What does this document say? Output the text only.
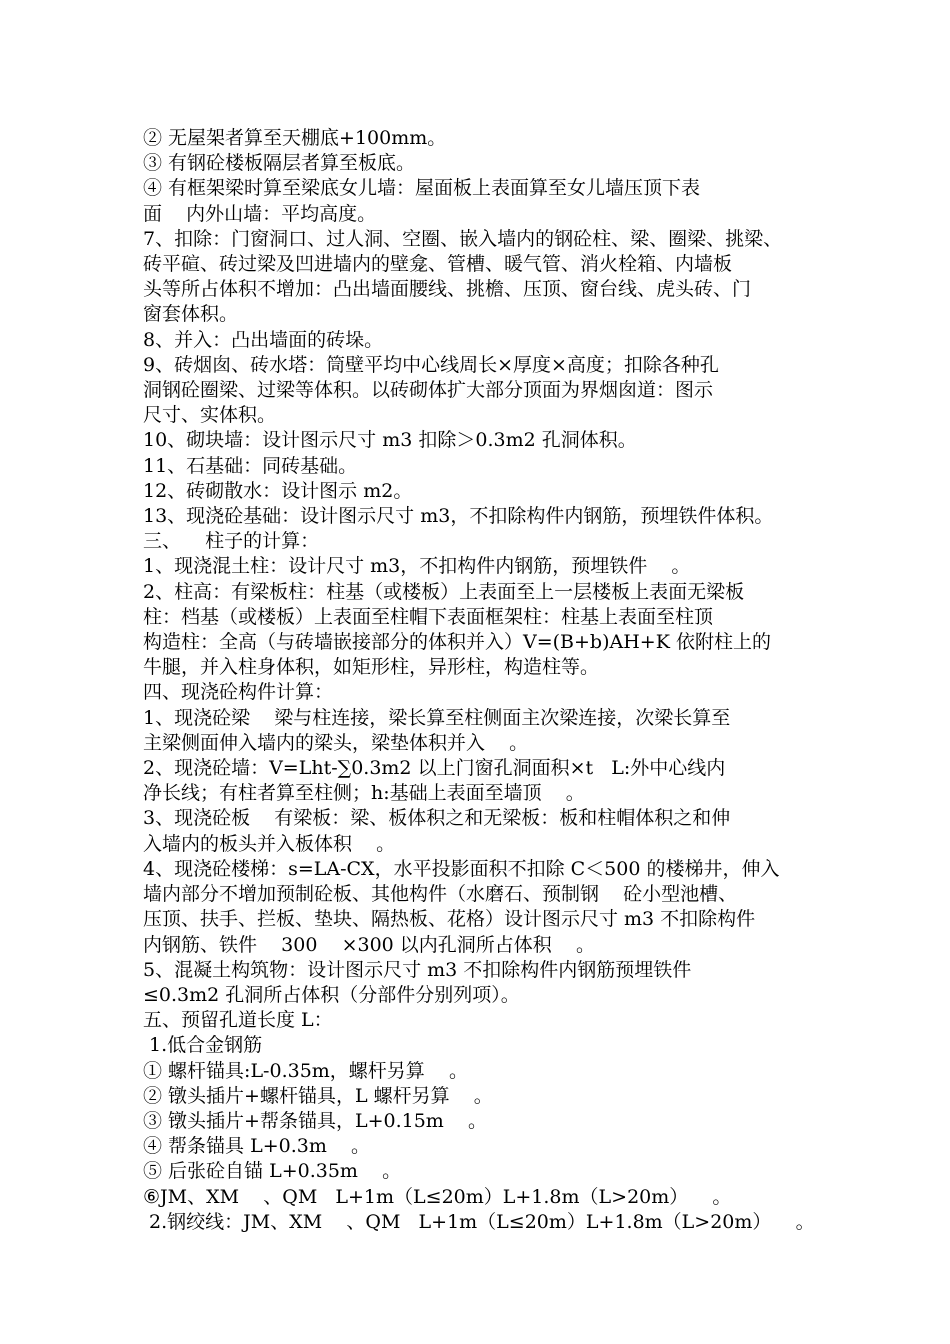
② 无屋架者算至天棚底+100mm。

③ 有钢砼楼板隔层者算至板底。

④ 有框架梁时算至梁底女儿墙：屋面板上表面算至女儿墙压顶下表

面    内外山墙：平均高度。

7、扣除：门窗洞口、过人洞、空圈、嵌入墙内的钢砼柱、梁、圈梁、挑梁、

砖平碹、砖过梁及凹进墙内的壁龛、管槽、暖气管、消火栓箱、内墙板

头等所占体积不增加：凸出墙面腰线、挑檐、压顶、窗台线、虎头砖、门

窗套体积。

8、并入：凸出墙面的砖垛。

9、砖烟囱、砖水塔：筒壁平均中心线周长×厚度×高度；扣除各种孔

洞钢砼圈梁、过梁等体积。以砖砌体扩大部分顶面为界烟囱道：图示

尺寸、实体积。

10、砌块墙：设计图示尺寸 m3 扣除＞0.3m2 孔洞体积。

11、石基础：同砖基础。

12、砖砌散水：设计图示 m2。

13、现浇砼基础：设计图示尺寸 m3，不扣除构件内钢筋，预埋铁件体积。

三、    柱子的计算：

1、现浇混土柱：设计尺寸 m3，不扣构件内钢筋，预埋铁件    。

2、柱高：有梁板柱：柱基（或楼板）上表面至上一层楼板上表面无梁板

柱：档基（或楼板）上表面至柱帽下表面框架柱：柱基上表面至柱顶

构造柱：全高（与砖墙嵌接部分的体积并入）V=(B+b)AH+K 依附柱上的

牛腿，并入柱身体积，如矩形柱，异形柱，构造柱等。

四、现浇砼构件计算：

1、现浇砼梁    梁与柱连接，梁长算至柱侧面主次梁连接，次梁长算至

主梁侧面伸入墙内的梁头，梁垫体积并入    。

2、现浇砼墙：V=Lht-∑0.3m2 以上门窗孔洞面积×t   L:外中心线内

净长线；有柱者算至柱侧；h:基础上表面至墙顶    。

3、现浇砼板    有梁板：梁、板体积之和无梁板：板和柱帽体积之和伸

入墙内的板头并入板体积    。

4、现浇砼楼梯：s=LA-CX，水平投影面积不扣除 C＜500 的楼梯井，伸入

墙内部分不增加预制砼板、其他构件（水磨石、预制钢    砼小型池槽、

压顶、扶手、拦板、垫块、隔热板、花格）设计图示尺寸 m3 不扣除构件

内钢筋、铁件    300    ×300 以内孔洞所占体积    。

5、混凝土构筑物：设计图示尺寸 m3 不扣除构件内钢筋预埋铁件

≤0.3m2 孔洞所占体积（分部件分别列项）。

五、预留孔道长度 L：

1.低合金钢筋

① 螺杆锚具:L-0.35m，螺杆另算    。

② 镦头插片+螺杆锚具，L 螺杆另算    。

③ 镦头插片+帮条锚具，L+0.15m    。

④ 帮条锚具 L+0.3m    。

⑤ 后张砼自锚 L+0.35m    。

⑥JM、XM    、QM   L+1m（L≤20m）L+1.8m（L>20m）    。

2.钢绞线：JM、XM    、QM   L+1m（L≤20m）L+1.8m（L>20m）    。
